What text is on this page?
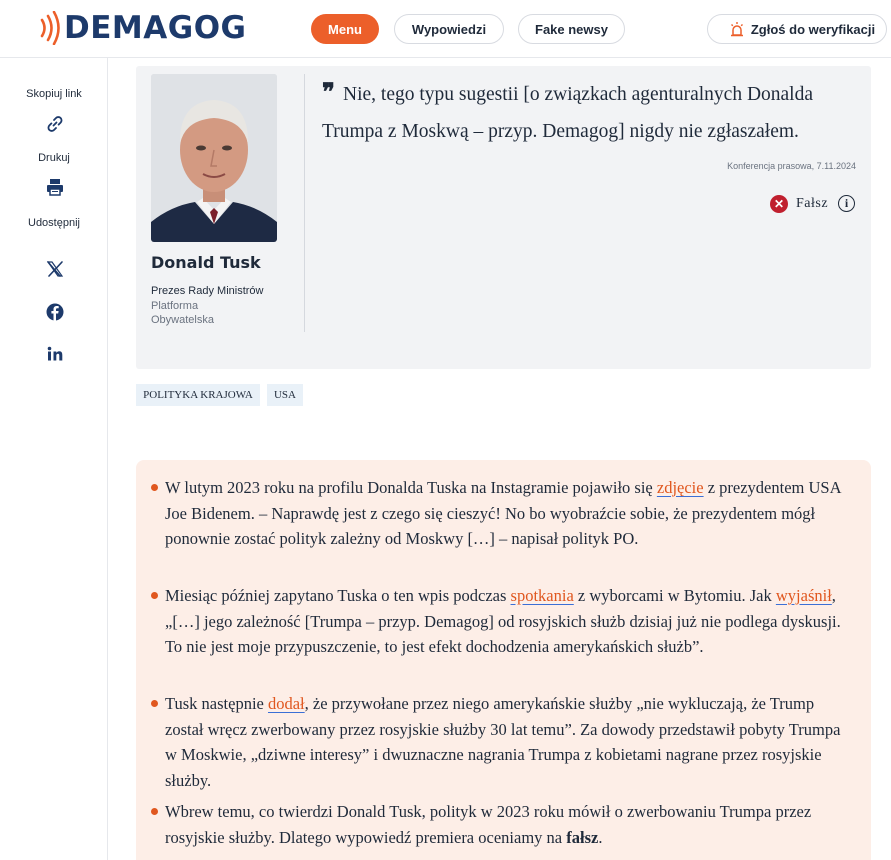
DEMAGOG	Menu	Wypowiedzi	Fake newsy	Zgłoś do weryfikacji
Skopiuj link
Drukuj
Udostępnij
Donald Tusk
Prezes Rady Ministrów
Platforma Obywatelska
❞ Nie, tego typu sugestii [o związkach agenturalnych Donalda Trumpa z Moskwą – przyp. Demagog] nigdy nie zgłaszałem.
Konferencja prasowa, 7.11.2024
✕ Fałsz	i
POLITYKA KRAJOWA	USA
W lutym 2023 roku na profilu Donalda Tuska na Instagramie pojawiło się zdjęcie z prezydentem USA Joe Bidenem. – Naprawdę jest z czego się cieszyć! No bo wyobraźcie sobie, że prezydentem mógł ponownie zostać polityk zależny od Moskwy […] – napisał polityk PO.
Miesiąc później zapytano Tuska o ten wpis podczas spotkania z wyborcami w Bytomiu. Jak wyjaśnił, „[…] jego zależność [Trumpa – przyp. Demagog] od rosyjskich służb dzisiaj już nie podlega dyskusji. To nie jest moje przypuszczenie, to jest efekt dochodzenia amerykańskich służb”.
Tusk następnie dodał, że przywołane przez niego amerykańskie służby „nie wykluczają, że Trump został wręcz zwerbowany przez rosyjskie służby 30 lat temu”. Za dowody przedstawił pobyty Trumpa w Moskwie, „dziwne interesy” i dwuznaczne nagrania Trumpa z kobietami nagrane przez rosyjskie służby.
Wbrew temu, co twierdzi Donald Tusk, polityk w 2023 roku mówił o zwerbowaniu Trumpa przez rosyjskie służby. Dlatego wypowiedź premiera oceniamy na fałsz.
